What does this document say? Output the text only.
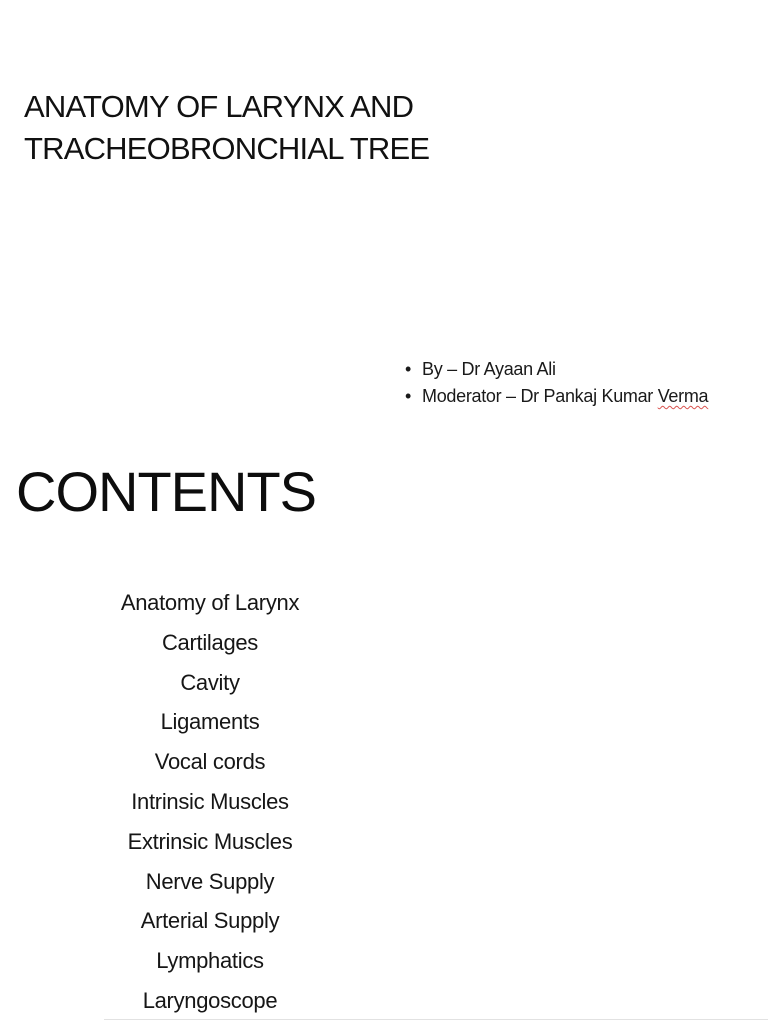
ANATOMY OF LARYNX AND
TRACHEOBRONCHIAL TREE
• By – Dr Ayaan Ali
• Moderator – Dr Pankaj Kumar Verma
CONTENTS
Anatomy of Larynx
Cartilages
Cavity
Ligaments
Vocal cords
Intrinsic Muscles
Extrinsic Muscles
Nerve Supply
Arterial Supply
Lymphatics
Laryngoscope
